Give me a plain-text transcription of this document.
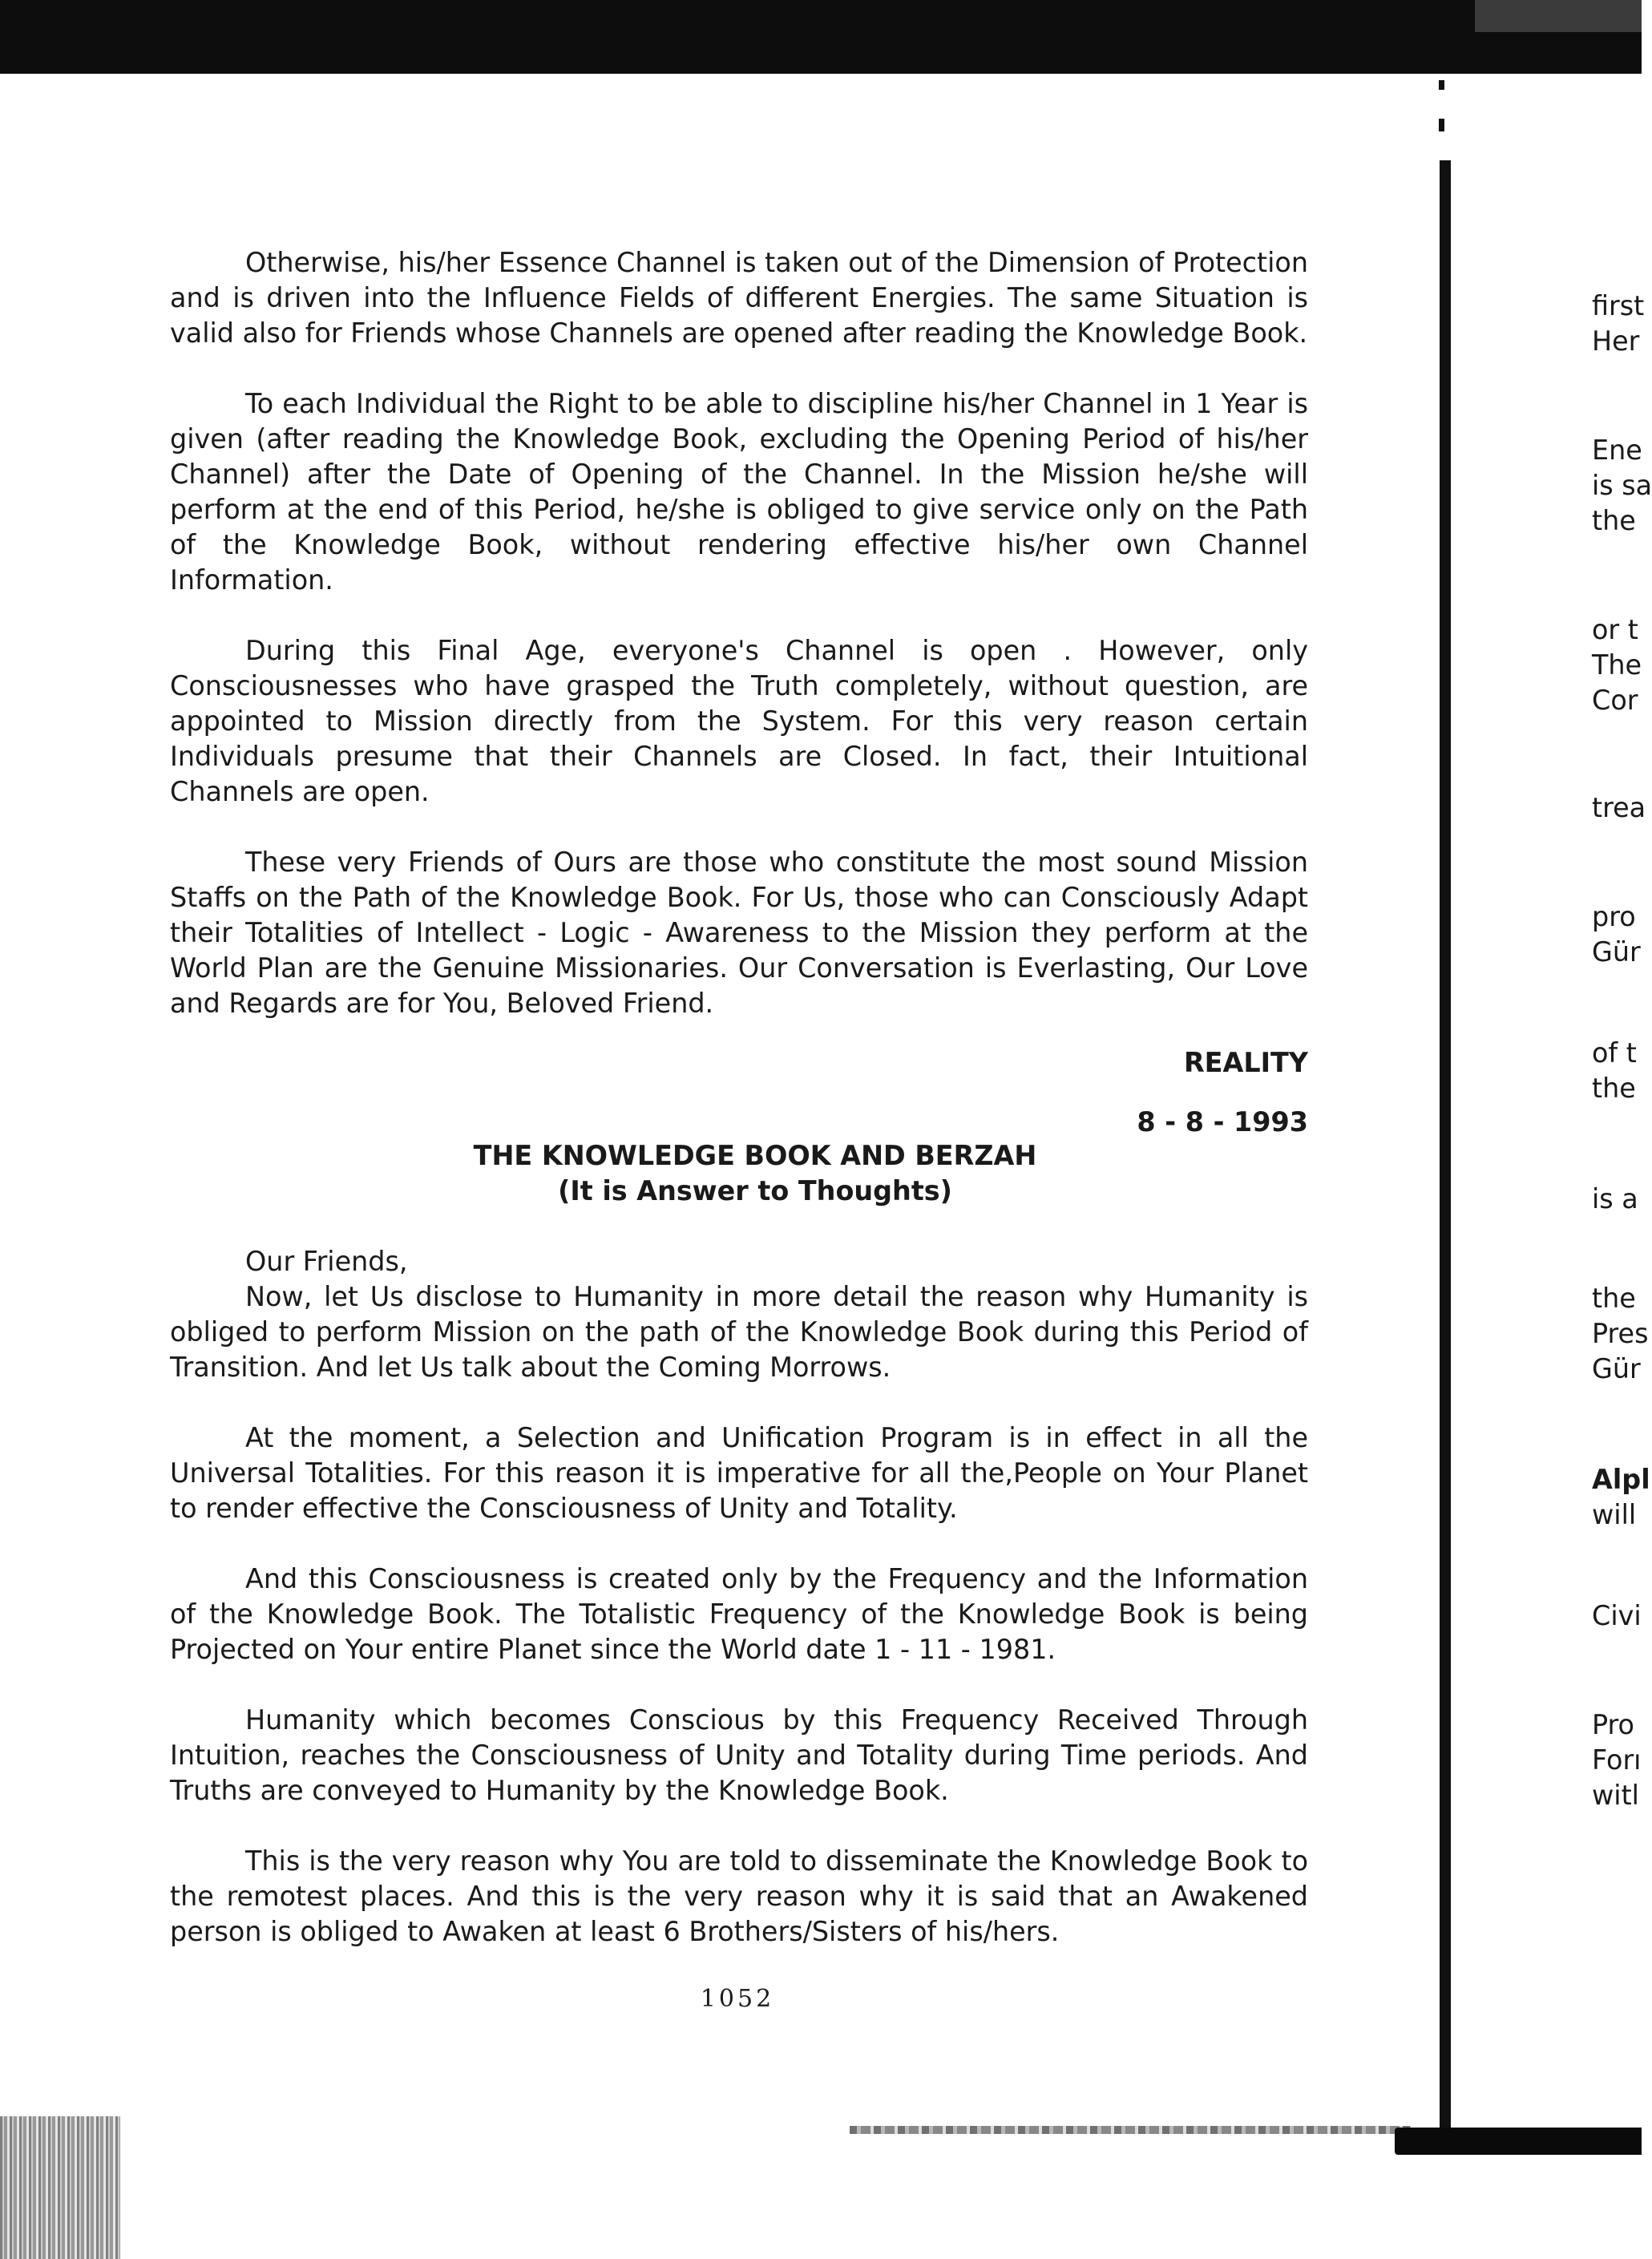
Otherwise, his/her Essence Channel is taken out of the Dimension of Protection and is driven into the Influence Fields of different Energies. The same Situation is valid also for Friends whose Channels are opened after reading the Knowledge Book.

To each Individual the Right to be able to discipline his/her Channel in 1 Year is given (after reading the Knowledge Book, excluding the Opening Period of his/her Channel) after the Date of Opening of the Channel. In the Mission he/she will perform at the end of this Period, he/she is obliged to give service only on the Path of the Knowledge Book, without rendering effective his/her own Channel Information.

During this Final Age, everyone's Channel is open . However, only Consciousnesses who have grasped the Truth completely, without question, are appointed to Mission directly from the System. For this very reason certain Individuals presume that their Channels are Closed. In fact, their Intuitional Channels are open.

These very Friends of Ours are those who constitute the most sound Mission Staffs on the Path of the Knowledge Book. For Us, those who can Consciously Adapt their Totalities of Intellect - Logic - Awareness to the Mission they perform at the World Plan are the Genuine Missionaries. Our Conversation is Everlasting, Our Love and Regards are for You, Beloved Friend.

REALITY
8 - 8 - 1993
THE KNOWLEDGE BOOK AND BERZAH
(It is Answer to Thoughts)
Our Friends,

Now, let Us disclose to Humanity in more detail the reason why Humanity is obliged to perform Mission on the path of the Knowledge Book during this Period of Transition. And let Us talk about the Coming Morrows.

At the moment, a Selection and Unification Program is in effect in all the Universal Totalities. For this reason it is imperative for all the,People on Your Planet to render effective the Consciousness of Unity and Totality.

And this Consciousness is created only by the Frequency and the Information of the Knowledge Book. The Totalistic Frequency of the Knowledge Book is being Projected on Your entire Planet since the World date 1 - 11 - 1981.

Humanity which becomes Conscious by this Frequency Received Through Intuition, reaches the Consciousness of Unity and Totality during Time periods. And Truths are conveyed to Humanity by the Knowledge Book.

This is the very reason why You are told to disseminate the Knowledge Book to the remotest places. And this is the very reason why it is said that an Awakened person is obliged to Awaken at least 6 Brothers/Sisters of his/hers.

1052
first
Her
Ene
is sa
the
or t
The
Cor
trea
pro
Gür
of t
the
is a
the
Pres
Gür
Alpl
will
Civi
Pro
Forı
witl
